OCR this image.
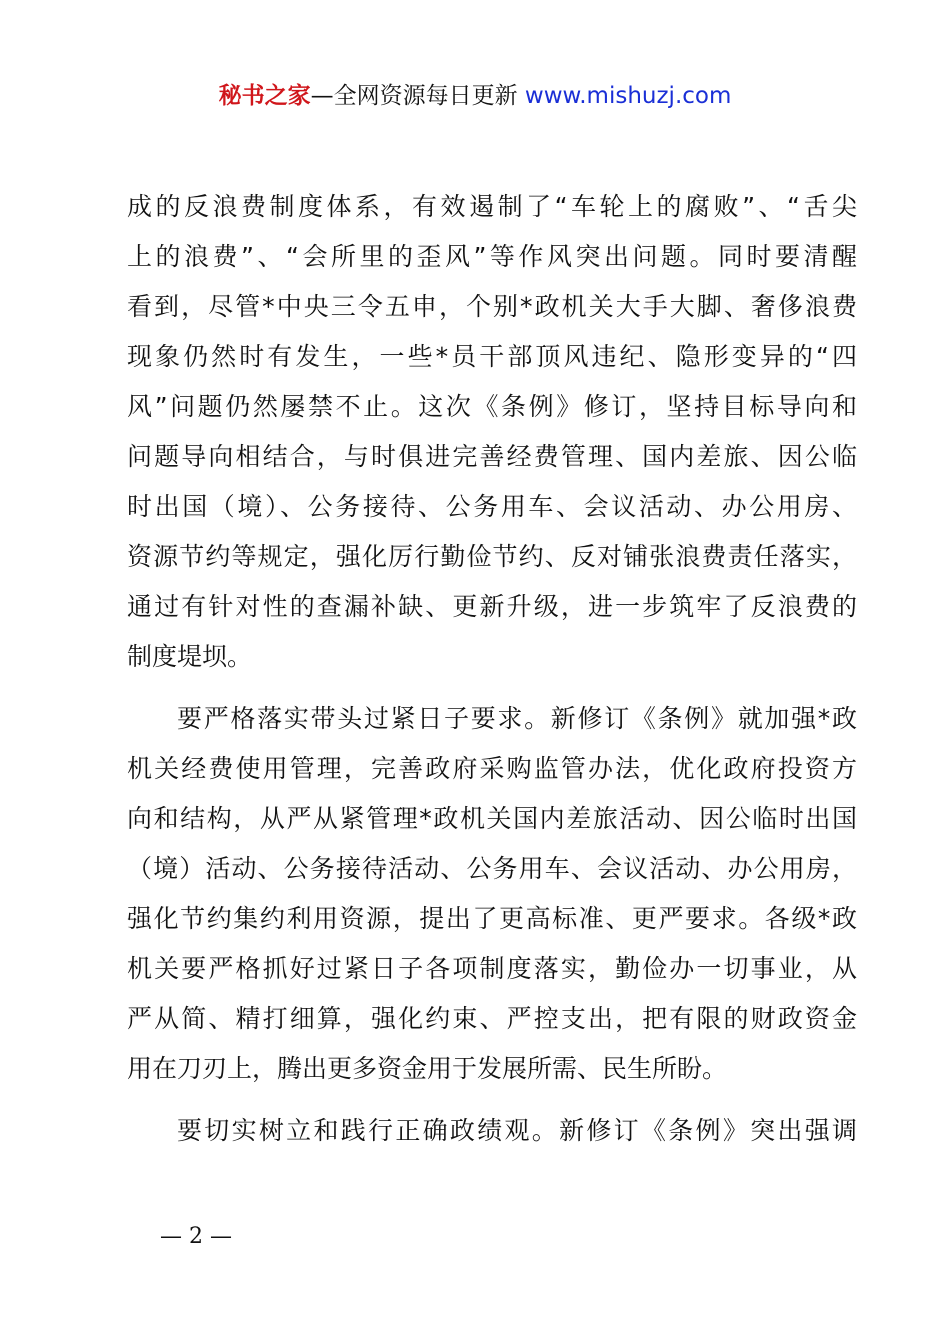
秘书之家—全网资源每日更新 www.mishuzj.com
成的反浪费制度体系，有效遏制了“车轮上的腐败”、“舌尖
上的浪费”、“会所里的歪风”等作风突出问题。同时要清醒
看到，尽管*中央三令五申，个别*政机关大手大脚、奢侈浪费
现象仍然时有发生，一些*员干部顶风违纪、隐形变异的“四
风”问题仍然屡禁不止。这次《条例》修订，坚持目标导向和
问题导向相结合，与时俱进完善经费管理、国内差旅、因公临
时出国（境）、公务接待、公务用车、会议活动、办公用房、
资源节约等规定，强化厉行勤俭节约、反对铺张浪费责任落实，
通过有针对性的查漏补缺、更新升级，进一步筑牢了反浪费的
制度堤坝。
要严格落实带头过紧日子要求。新修订《条例》就加强*政
机关经费使用管理，完善政府采购监管办法，优化政府投资方
向和结构，从严从紧管理*政机关国内差旅活动、因公临时出国
（境）活动、公务接待活动、公务用车、会议活动、办公用房，
强化节约集约利用资源，提出了更高标准、更严要求。各级*政
机关要严格抓好过紧日子各项制度落实，勤俭办一切事业，从
严从简、精打细算，强化约束、严控支出，把有限的财政资金
用在刀刃上，腾出更多资金用于发展所需、民生所盼。
要切实树立和践行正确政绩观。新修订《条例》突出强调
— 2 —
